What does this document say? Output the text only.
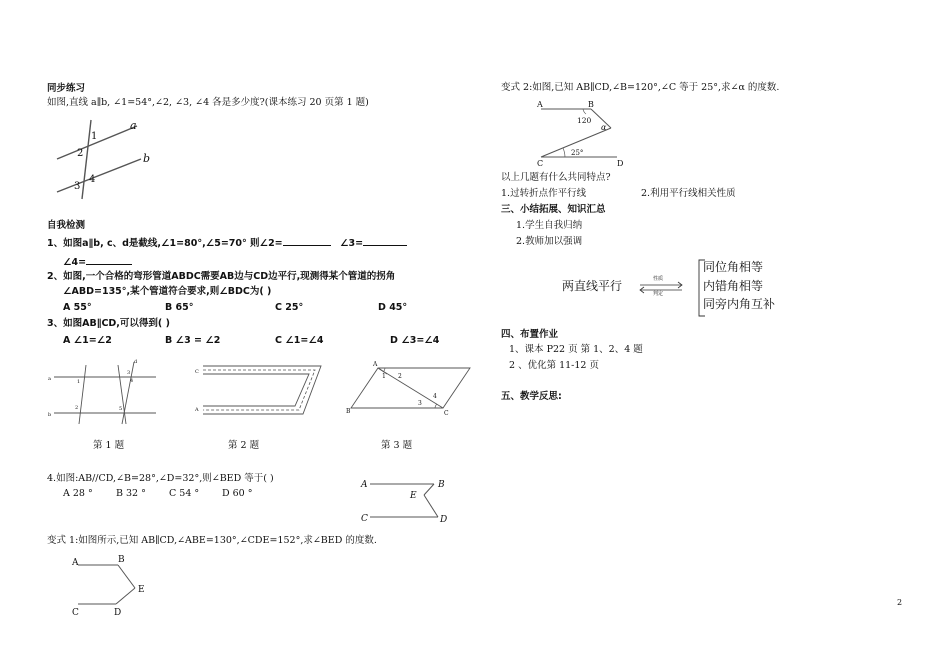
同步练习
如图,直线 a∥b, ∠1=54°,∠2, ∠3, ∠4 各是多少度?(课本练习 20 页第 1 题)
a
b
1
2
4
3
自我检测
1、如图a∥b, c、d是截线,∠1=80°,∠5=70° 则∠2=	∠3=
∠4=
2、如图,一个合格的弯形管道ABDC需要AB边与CD边平行,现测得某个管道的拐角
∠ABD=135°,某个管道符合要求,则∠BDC为( )
A 55°	B 65°	C 25°	D 45°
3、如图AB∥CD,可以得到( )
A ∠1=∠2	B ∠3 = ∠2	C ∠1=∠4	D ∠3=∠4
a
b
1
2
3
4
5
d
C
A
A
B	C
1 2
3
4
第 1 题	第 2 题	第 3 题
4.如图:AB//CD,∠B=28°,∠D=32°,则∠BED 等于( )
A 28 ° B 32 ° C 54 ° D 60 °
A	B
E
C	D
变式 1:如图所示,已知 AB∥CD,∠ABE=130°,∠CDE=152°,求∠BED 的度数.
A	B
E
C	D
变式 2:如图,已知 AB∥CD,∠B=120°,∠C 等于 25°,求∠α 的度数.
A	B
C	D
120
25°
α
以上几题有什么共同特点?
1.过转折点作平行线	2.利用平行线相关性质
三、小结拓展、知识汇总
1.学生自我归纳
2.教师加以强调
两直线平行	性质
判定
同位角相等
内错角相等
同旁内角互补
四、布置作业
1、课本 P22 页 第 1、2、4 题
2 、优化第 11-12 页
五、教学反思:
2
